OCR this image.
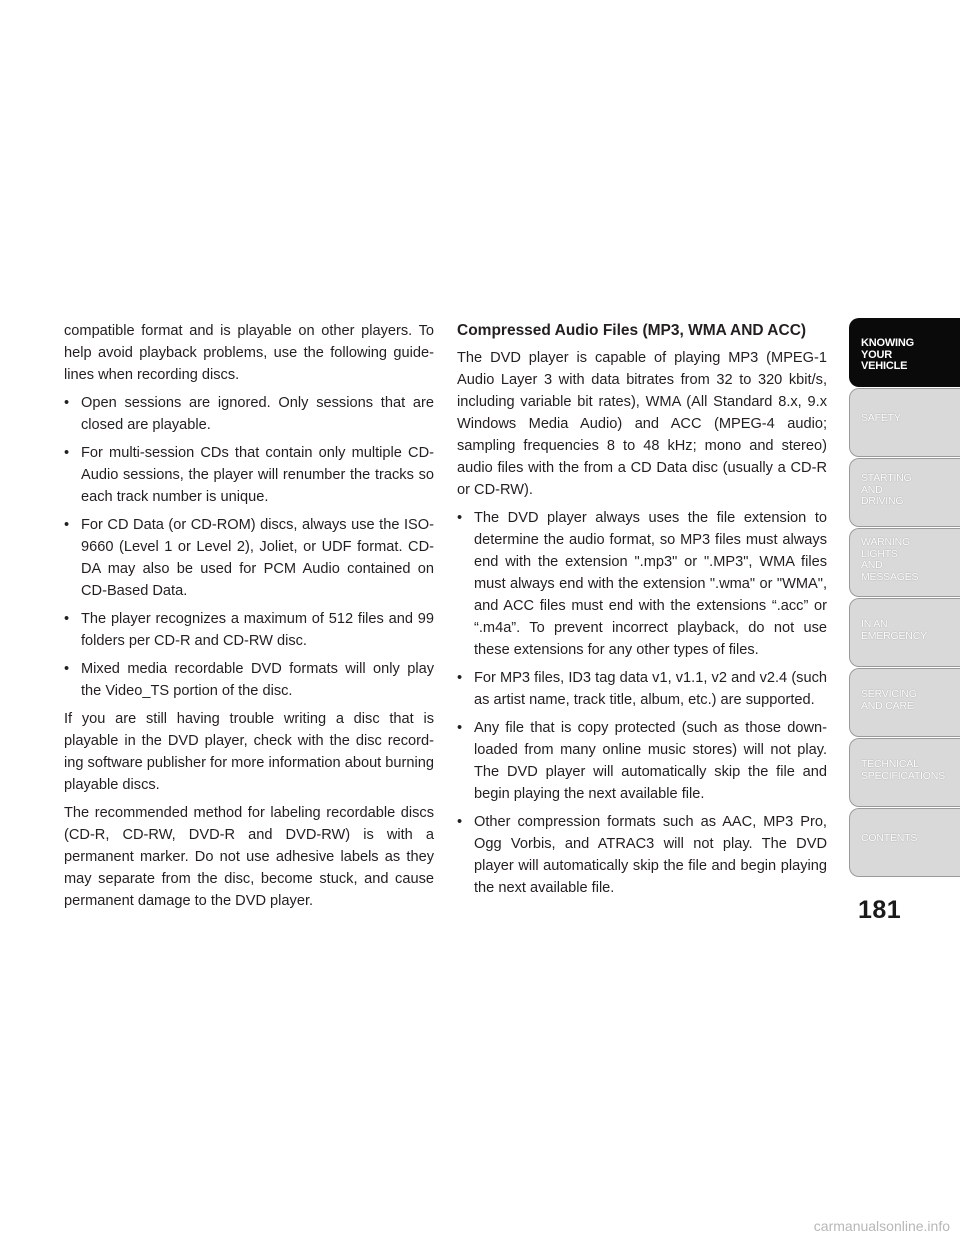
compatible format and is playable on other players. To help avoid playback problems, use the following guide-lines when recording discs.

• Open sessions are ignored. Only sessions that are closed are playable.
• For multi-session CDs that contain only multiple CD-Audio sessions, the player will renumber the tracks so each track number is unique.
• For CD Data (or CD-ROM) discs, always use the ISO-9660 (Level 1 or Level 2), Joliet, or UDF format. CD-DA may also be used for PCM Audio contained on CD-Based Data.
• The player recognizes a maximum of 512 files and 99 folders per CD-R and CD-RW disc.
• Mixed media recordable DVD formats will only play the Video_TS portion of the disc.

If you are still having trouble writing a disc that is playable in the DVD player, check with the disc record-ing software publisher for more information about burning playable discs.

The recommended method for labeling recordable discs (CD-R, CD-RW, DVD-R and DVD-RW) is with a permanent marker. Do not use adhesive labels as they may separate from the disc, become stuck, and cause permanent damage to the DVD player.

Compressed Audio Files (MP3, WMA AND ACC)

The DVD player is capable of playing MP3 (MPEG-1 Audio Layer 3 with data bitrates from 32 to 320 kbit/s, including variable bit rates), WMA (All Standard 8.x, 9.x Windows Media Audio) and ACC (MPEG-4 audio; sampling frequencies 8 to 48 kHz; mono and stereo) audio files with the from a CD Data disc (usually a CD-R or CD-RW).

• The DVD player always uses the file extension to determine the audio format, so MP3 files must always end with the extension ".mp3" or ".MP3", WMA files must always end with the extension ".wma" or "WMA", and ACC files must end with the extensions “.acc” or “.m4a”. To prevent incorrect playback, do not use these extensions for any other types of files.
• For MP3 files, ID3 tag data v1, v1.1, v2 and v2.4 (such as artist name, track title, album, etc.) are supported.
• Any file that is copy protected (such as those down-loaded from many online music stores) will not play. The DVD player will automatically skip the file and begin playing the next available file.
• Other compression formats such as AAC, MP3 Pro, Ogg Vorbis, and ATRAC3 will not play. The DVD player will automatically skip the file and begin playing the next available file.
KNOWING
YOUR
VEHICLE
SAFETY
STARTING
AND
DRIVING
WARNING
LIGHTS
AND
MESSAGES
IN AN
EMERGENCY
SERVICING
AND CARE
TECHNICAL
SPECIFICATIONS
CONTENTS
181
carmanualsonline.info
